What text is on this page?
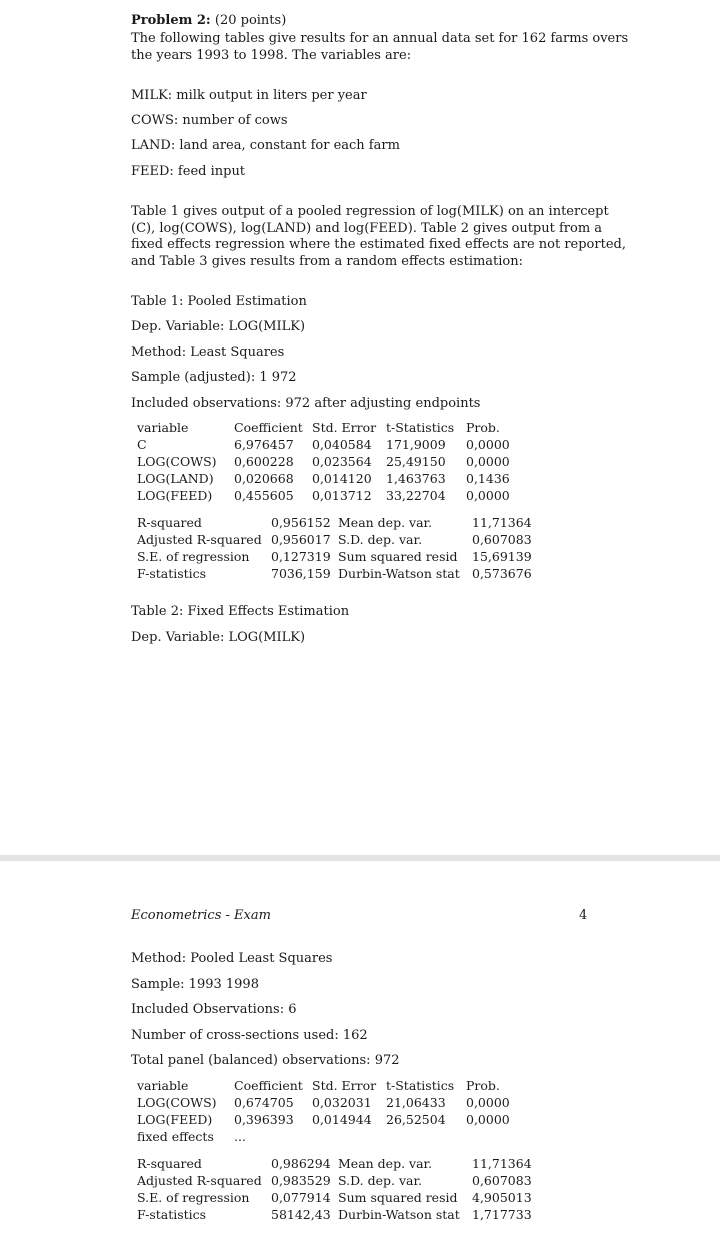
Problem 2: (20 points)
The following tables give results for an annual data set for 162 farms overs
the years 1993 to 1998. The variables are:
MILK: milk output in liters per year
COWS: number of cows
LAND: land area, constant for each farm
FEED: feed input
Table 1 gives output of a pooled regression of log(MILK) on an intercept
(C), log(COWS), log(LAND) and log(FEED). Table 2 gives output from a
fixed effects regression where the estimated fixed effects are not reported,
and Table 3 gives results from a random effects estimation:
Table 1: Pooled Estimation
Dep. Variable: LOG(MILK)
Method: Least Squares
Sample (adjusted): 1 972
Included observations: 972 after adjusting endpoints
variable	Coefficient Std. Error t-Statistics Prob.
C	6,976457 0,040584 171,9009 0,0000
LOG(COWS) 0,600228 0,023564 25,49150 0,0000
LOG(LAND) 0,020668 0,014120 1,463763 0,1436
LOG(FEED) 0,455605 0,013712 33,22704 0,0000
R-squared	0,956152 Mean dep. var.	11,71364
Adjusted R-squared 0,956017 S.D. dep. var.	0,607083
S.E. of regression 0,127319 Sum squared resid 15,69139
F-statistics	7036,159 Durbin-Watson stat 0,573676
Table 2: Fixed Effects Estimation
Dep. Variable: LOG(MILK)
Econometrics - Exam	4
Method: Pooled Least Squares
Sample: 1993 1998
Included Observations: 6
Number of cross-sections used: 162
Total panel (balanced) observations: 972
variable	Coefficient Std. Error t-Statistics Prob.
LOG(COWS) 0,674705 0,032031 21,06433 0,0000
LOG(FEED) 0,396393 0,014944 26,52504 0,0000
fixed effects ...
R-squared	0,986294 Mean dep. var.	11,71364
Adjusted R-squared 0,983529 S.D. dep. var.	0,607083
S.E. of regression 0,077914 Sum squared resid 4,905013
F-statistics	58142,43 Durbin-Watson stat 1,717733
